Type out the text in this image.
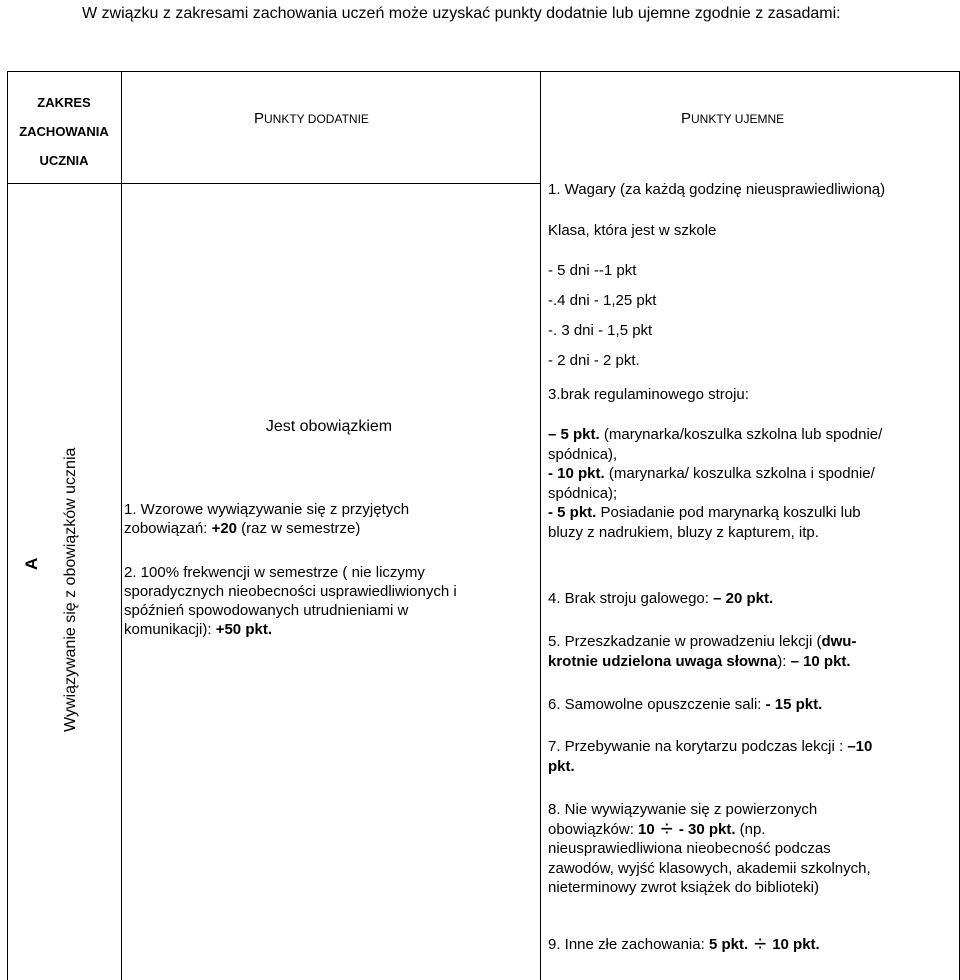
W związku z zakresami zachowania uczeń może uzyskać punkty dodatnie lub ujemne zgodnie z zasadami:
ZAKRES
ZACHOWANIA
UCZNIA
PUNKTY DODATNIE	PUNKTY UJEMNE
A Wywiązywanie się z obowiązków ucznia
Jest obowiązkiem
1. Wzorowe wywiązywanie się z przyjętych
zobowiązań: +20 (raz w semestrze)
2. 100% frekwencji w semestrze ( nie liczymy
sporadycznych nieobecności usprawiedliwionych i
spóźnień spowodowanych utrudnieniami w
komunikacji): +50 pkt.
1. Wagary (za każdą godzinę nieusprawiedliwioną)
Klasa, która jest w szkole
- 5 dni --1 pkt
-.4 dni - 1,25 pkt
-. 3 dni - 1,5 pkt
- 2 dni - 2 pkt.
3.brak regulaminowego stroju:
– 5 pkt. (marynarka/koszulka szkolna lub spodnie/
spódnica),
- 10 pkt. (marynarka/ koszulka szkolna i spodnie/
spódnica);
- 5 pkt. Posiadanie pod marynarką koszulki lub
bluzy z nadrukiem, bluzy z kapturem, itp.
4. Brak stroju galowego: – 20 pkt.
5. Przeszkadzanie w prowadzeniu lekcji (dwu-
krotnie udzielona uwaga słowna): – 10 pkt.
6. Samowolne opuszczenie sali: - 15 pkt.
7. Przebywanie na korytarzu podczas lekcji : –10
pkt.
8. Nie wywiązywanie się z powierzonych
obowiązków: 10 ÷ - 30 pkt. (np.
nieusprawiedliwiona nieobecność podczas
zawodów, wyjść klasowych, akademii szkolnych,
nieterminowy zwrot książek do biblioteki)
9. Inne złe zachowania: 5 pkt. ÷ 10 pkt.
